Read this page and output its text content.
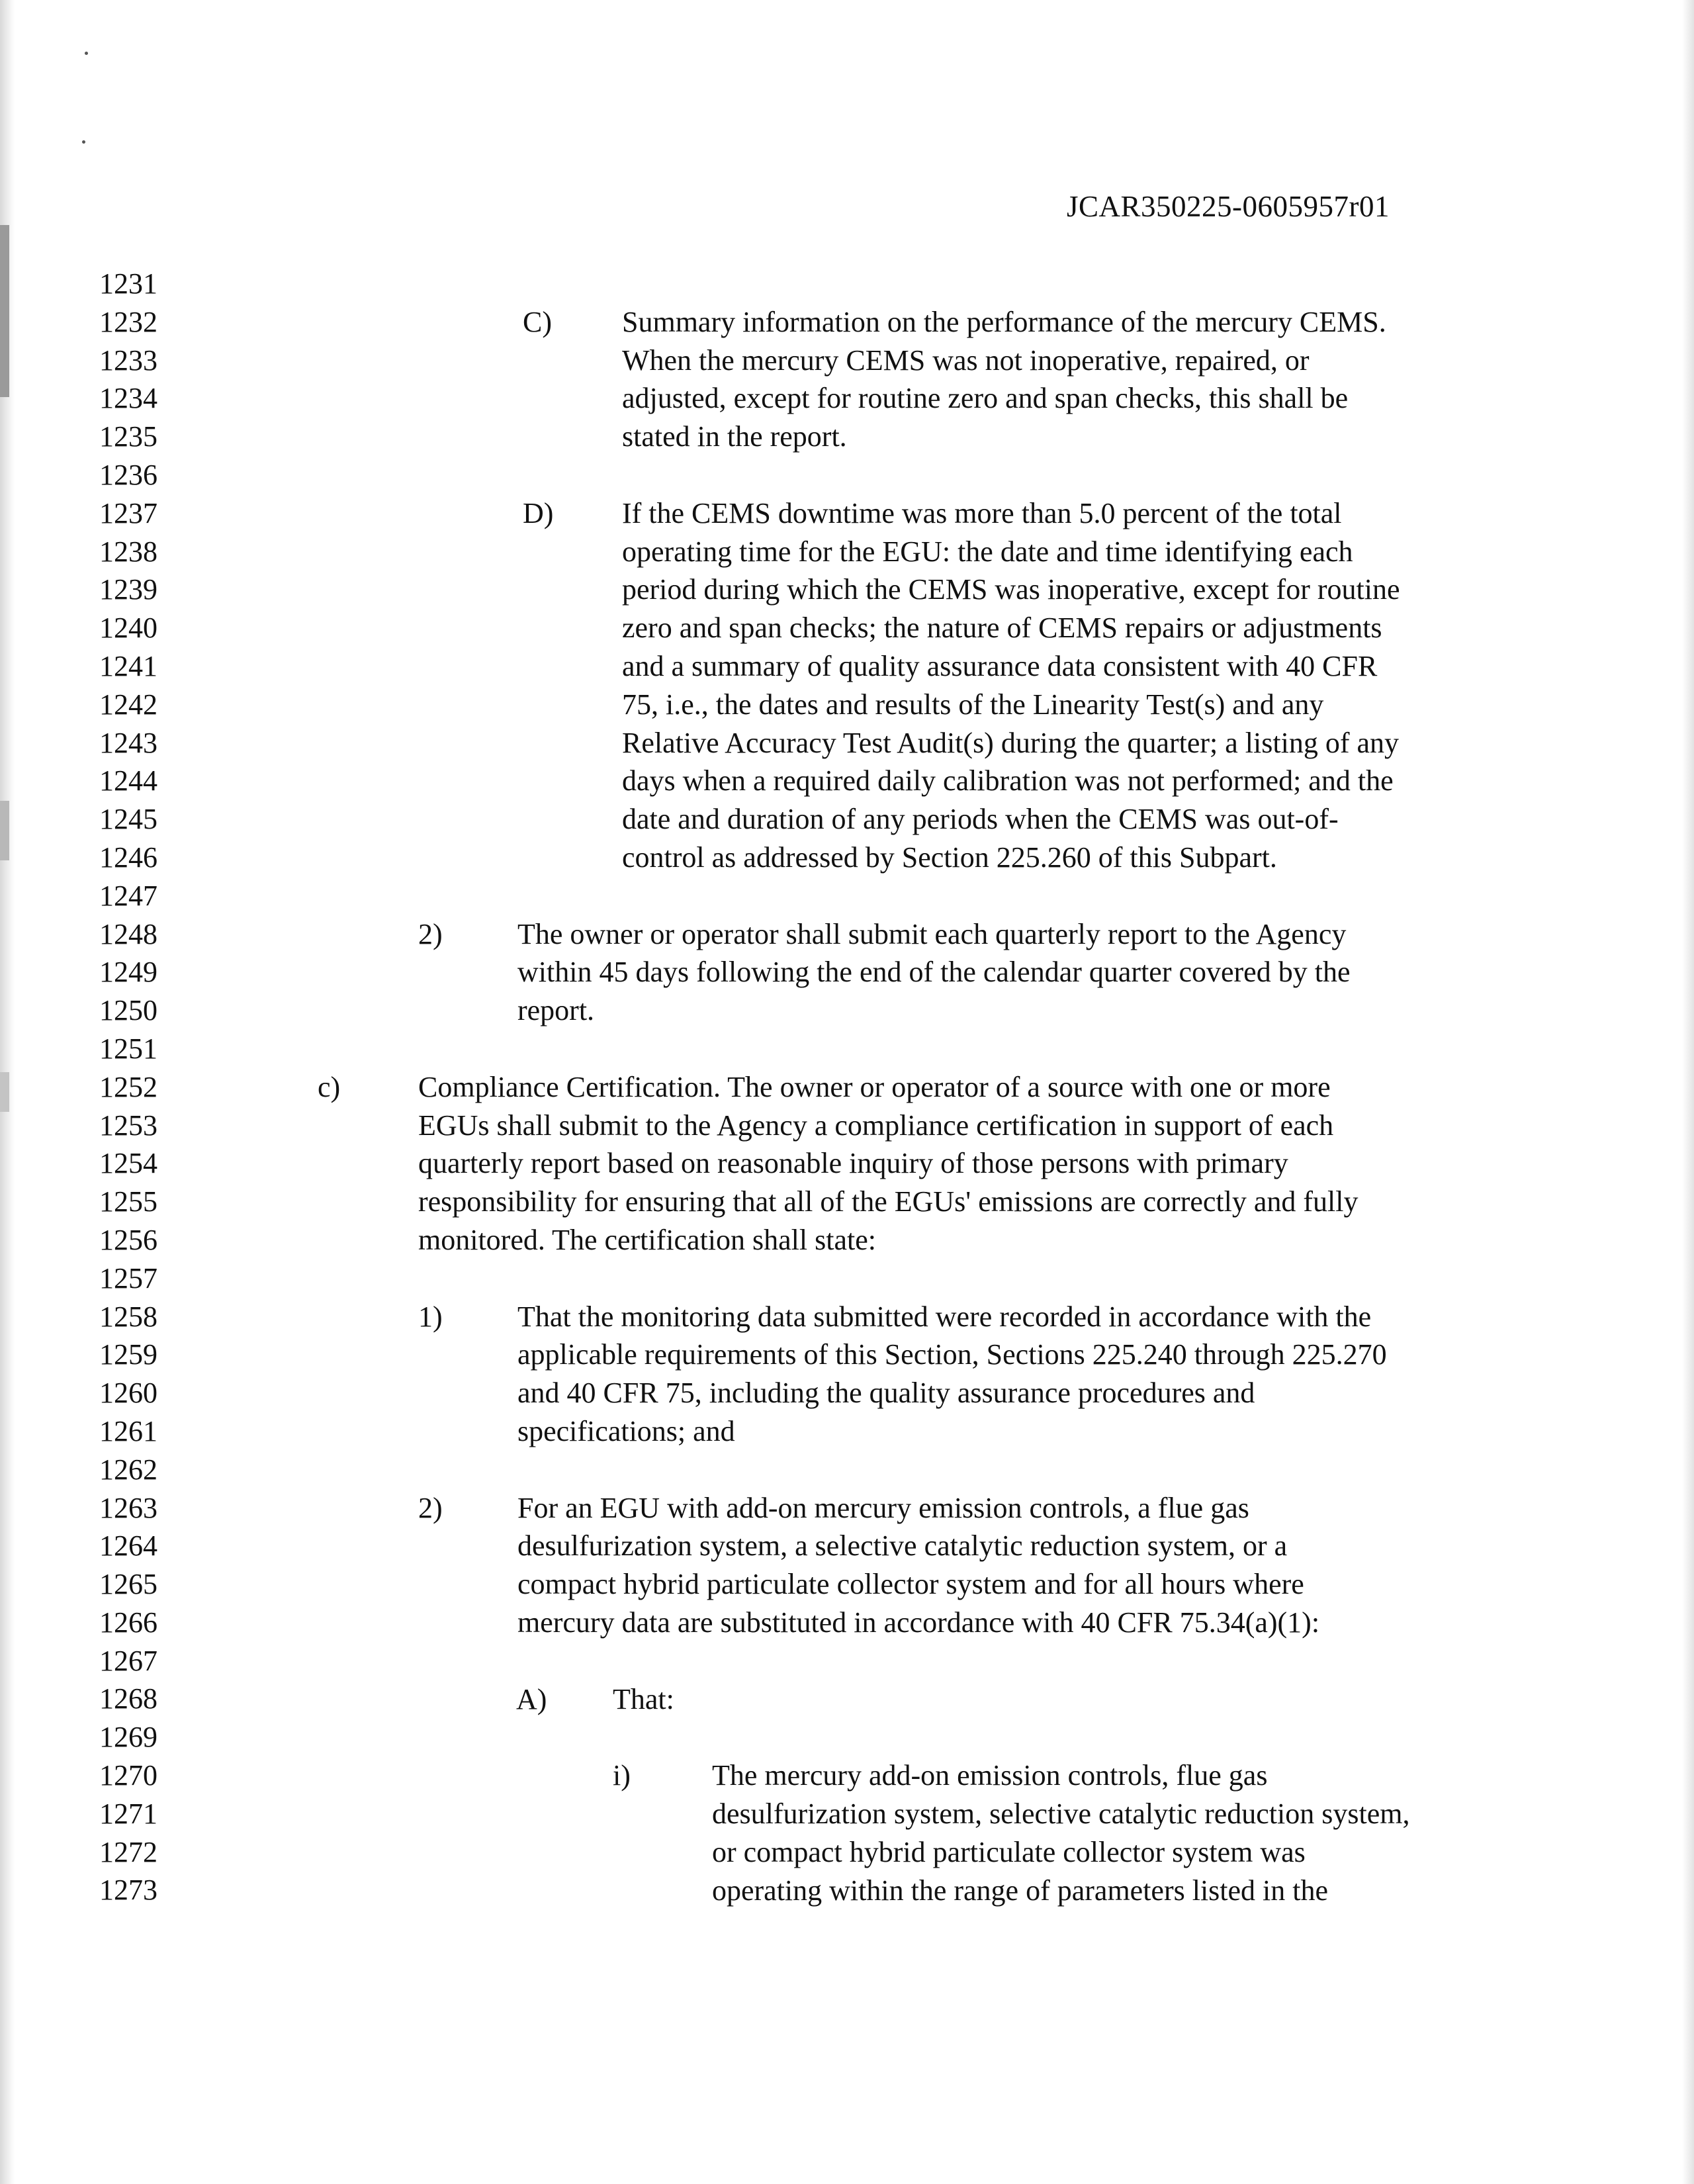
JCAR350225-0605957r01
1231
1232
1233
1234
1235
1236
1237
1238
1239
1240
1241
1242
1243
1244
1245
1246
1247
1248
1249
1250
1251
1252
1253
1254
1255
1256
1257
1258
1259
1260
1261
1262
1263
1264
1265
1266
1267
1268
1269
1270
1271
1272
1273
C) Summary information on the performance of the mercury CEMS.
When the mercury CEMS was not inoperative, repaired, or
adjusted, except for routine zero and span checks, this shall be
stated in the report.
D) If the CEMS downtime was more than 5.0 percent of the total
operating time for the EGU: the date and time identifying each
period during which the CEMS was inoperative, except for routine
zero and span checks; the nature of CEMS repairs or adjustments
and a summary of quality assurance data consistent with 40 CFR
75, i.e., the dates and results of the Linearity Test(s) and any
Relative Accuracy Test Audit(s) during the quarter; a listing of any
days when a required daily calibration was not performed; and the
date and duration of any periods when the CEMS was out-of-
control as addressed by Section 225.260 of this Subpart.
2)	The owner or operator shall submit each quarterly report to the Agency
within 45 days following the end of the calendar quarter covered by the
report.
c)	Compliance Certification. The owner or operator of a source with one or more
EGUs shall submit to the Agency a compliance certification in support of each
quarterly report based on reasonable inquiry of those persons with primary
responsibility for ensuring that all of the EGUs' emissions are correctly and fully
monitored. The certification shall state:
1)	That the monitoring data submitted were recorded in accordance with the
applicable requirements of this Section, Sections 225.240 through 225.270
and 40 CFR 75, including the quality assurance procedures and
specifications; and
2)	For an EGU with add-on mercury emission controls, a flue gas
desulfurization system, a selective catalytic reduction system, or a
compact hybrid particulate collector system and for all hours where
mercury data are substituted in accordance with 40 CFR 75.34(a)(1):
A) That:
i)	The mercury add-on emission controls, flue gas
desulfurization system, selective catalytic reduction system,
or compact hybrid particulate collector system was
operating within the range of parameters listed in the
